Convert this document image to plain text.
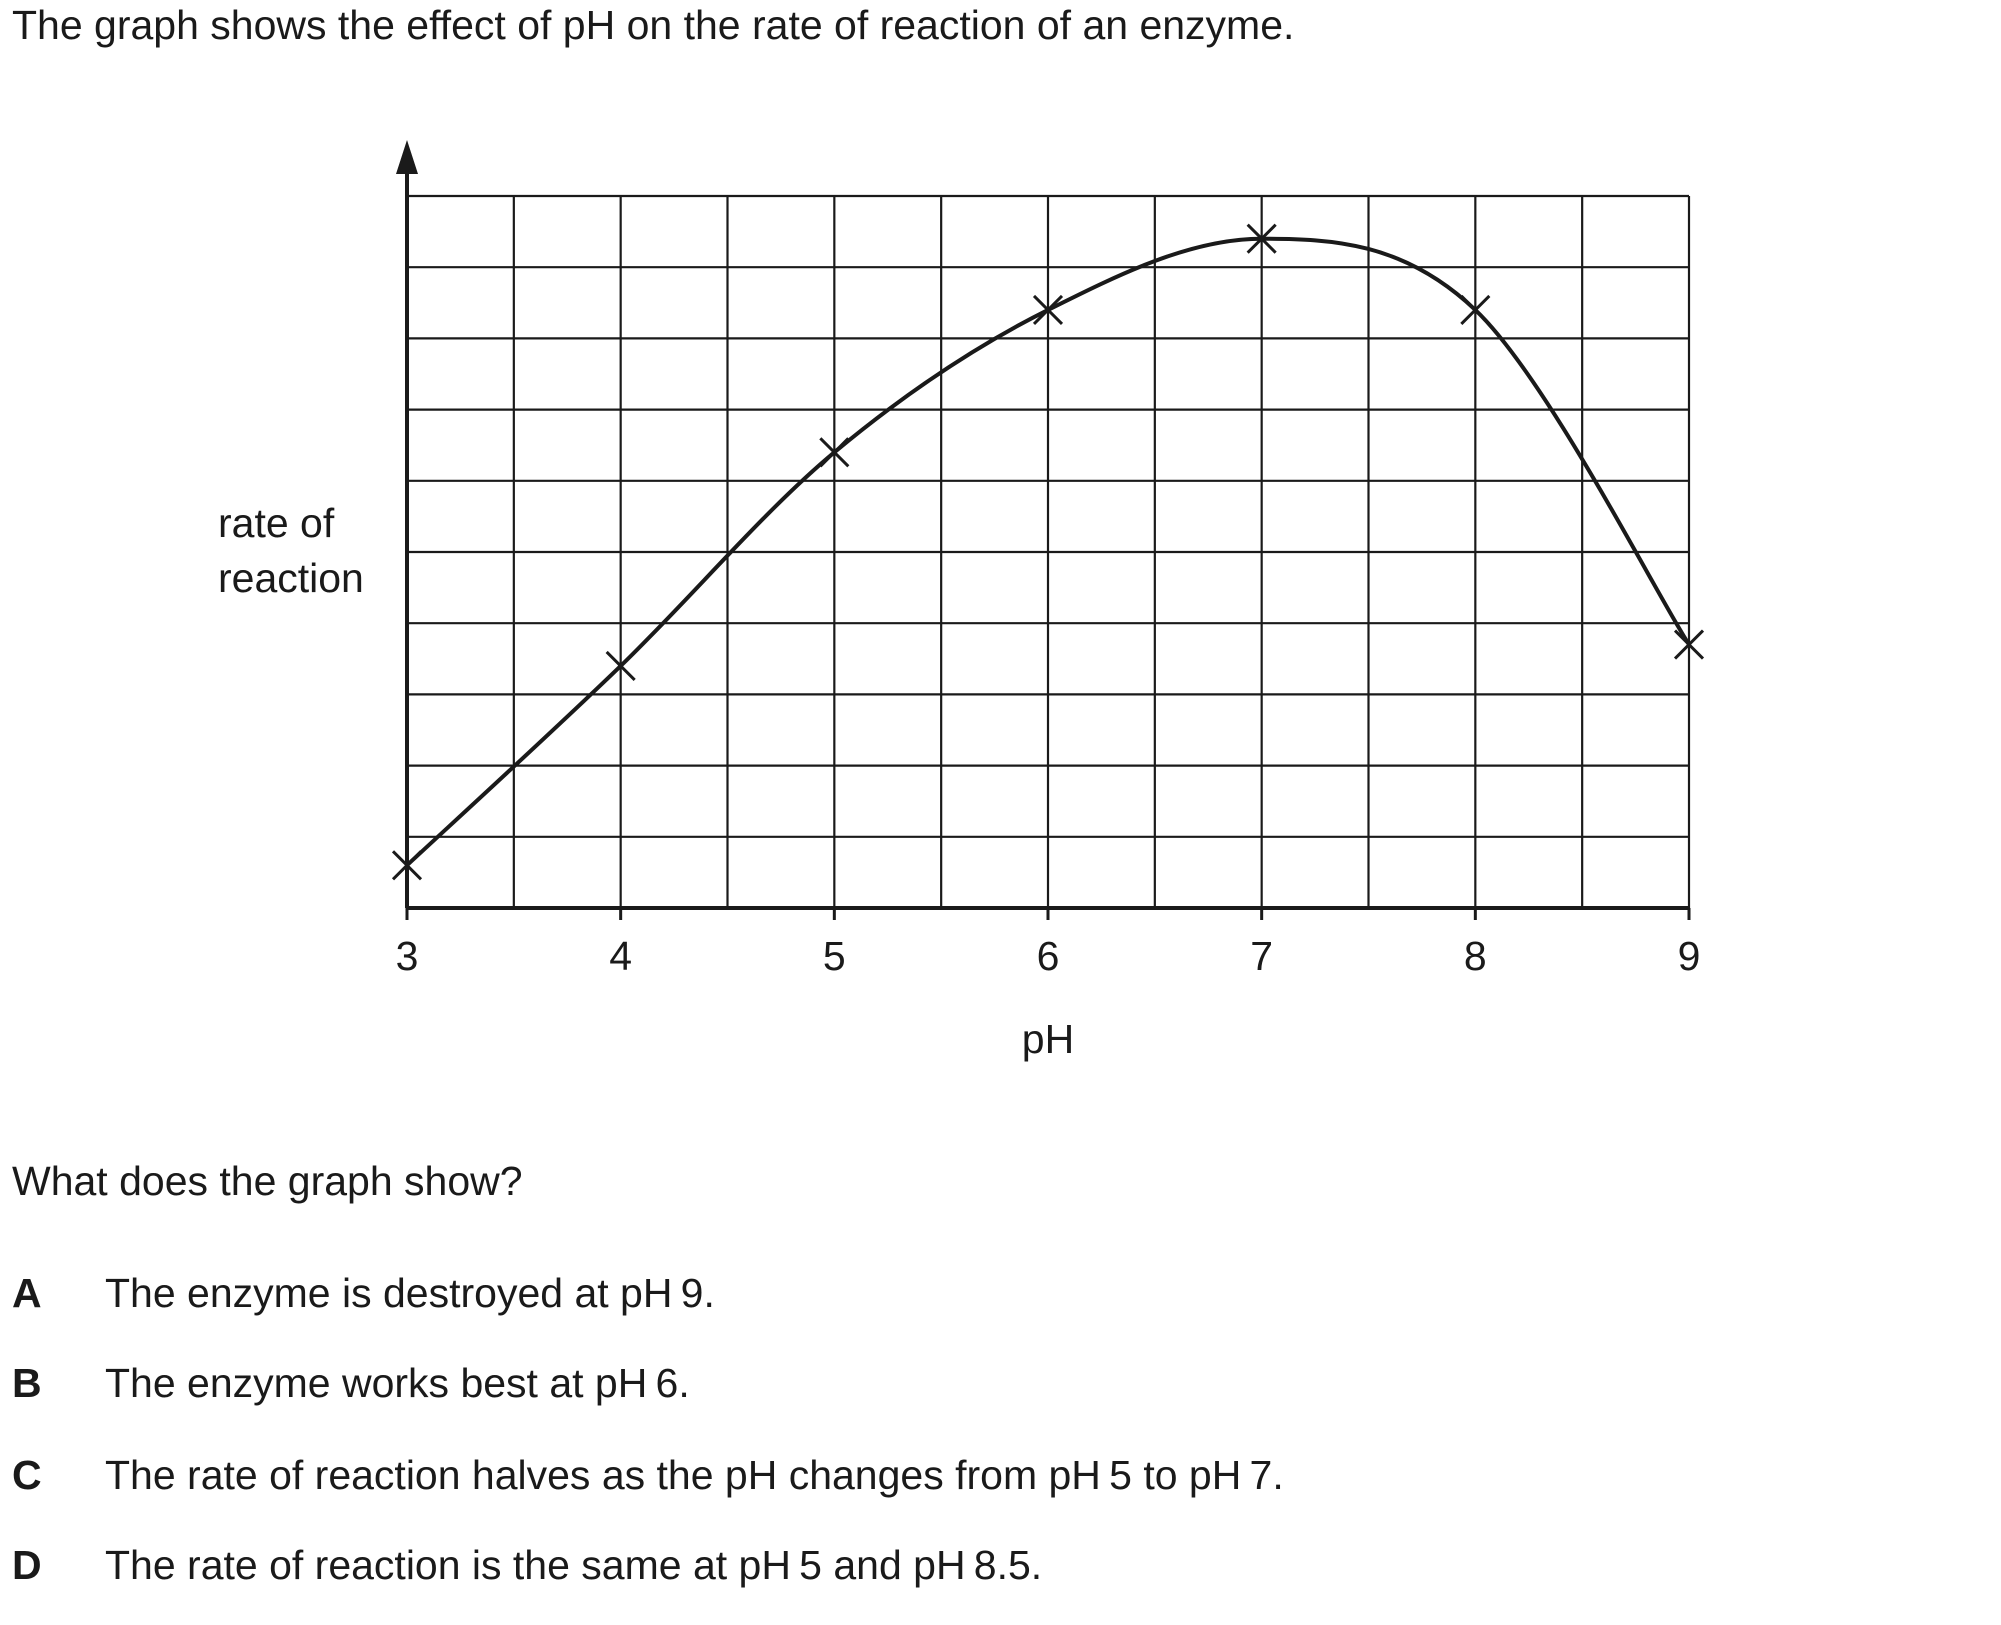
The graph shows the effect of pH on the rate of reaction of an enzyme.
3	4	5	6	7	8	9
pH
rate of
reaction
What does the graph show?
A The enzyme is destroyed at pH 9.
B The enzyme works best at pH 6.
C The rate of reaction halves as the pH changes from pH 5 to pH 7.
D The rate of reaction is the same at pH 5 and pH 8.5.
